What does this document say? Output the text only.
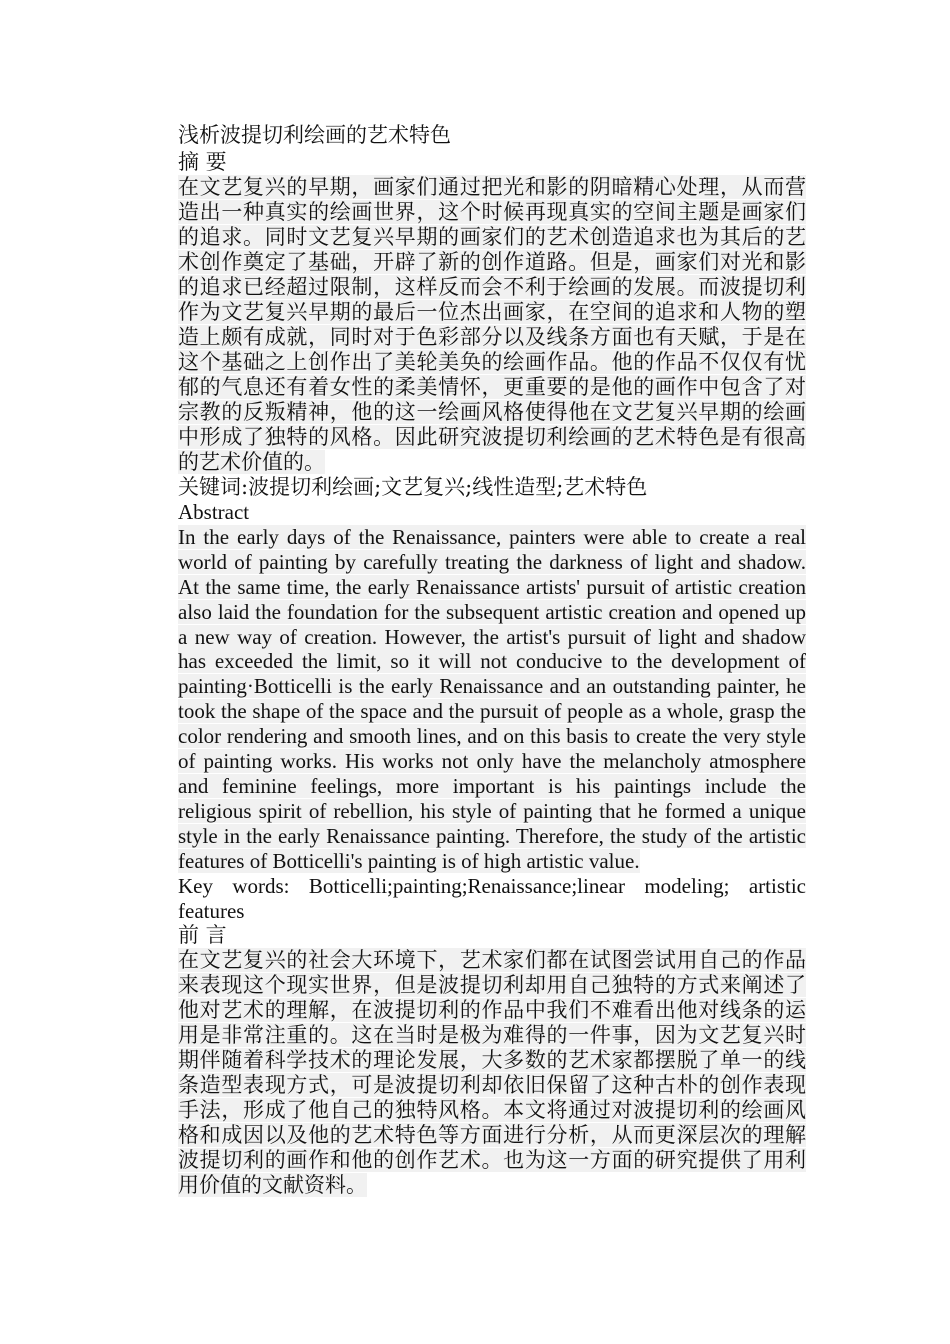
浅析波提切利绘画的艺术特色
摘 要

在文艺复兴的早期，画家们通过把光和影的阴暗精心处理，从而营造出一种真实的绘画世界，这个时候再现真实的空间主题是画家们的追求。同时文艺复兴早期的画家们的艺术创造追求也为其后的艺术创作奠定了基础，开辟了新的创作道路。但是，画家们对光和影的追求已经超过限制，这样反而会不利于绘画的发展。而波提切利作为文艺复兴早期的最后一位杰出画家，在空间的追求和人物的塑造上颇有成就，同时对于色彩部分以及线条方面也有天赋，于是在这个基础之上创作出了美轮美奂的绘画作品。他的作品不仅仅有忧郁的气息还有着女性的柔美情怀，更重要的是他的画作中包含了对宗教的反叛精神，他的这一绘画风格使得他在文艺复兴早期的绘画中形成了独特的风格。因此研究波提切利绘画的艺术特色是有很高的艺术价值的。

关键词:波提切利绘画;文艺复兴;线性造型;艺术特色
Abstract

In the early days of the Renaissance, painters were able to create a real world of painting by carefully treating the darkness of light and shadow. At the same time, the early Renaissance artists' pursuit of artistic creation also laid the foundation for the subsequent artistic creation and opened up a new way of creation. However, the artist's pursuit of light and shadow has exceeded the limit, so it will not conducive to the development of painting·Botticelli is the early Renaissance and an outstanding painter, he took the shape of the space and the pursuit of people as a whole, grasp the color rendering and smooth lines, and on this basis to create the very style of painting works. His works not only have the melancholy atmosphere and feminine feelings, more important is his paintings include the religious spirit of rebellion, his style of painting that he formed a unique style in the early Renaissance painting. Therefore, the study of the artistic features of Botticelli's painting is of high artistic value.

Key words: Botticelli;painting;Renaissance;linear modeling; artistic features

前 言

在文艺复兴的社会大环境下，艺术家们都在试图尝试用自己的作品来表现这个现实世界，但是波提切利却用自己独特的方式来阐述了他对艺术的理解，在波提切利的作品中我们不难看出他对线条的运用是非常注重的。这在当时是极为难得的一件事，因为文艺复兴时期伴随着科学技术的理论发展，大多数的艺术家都摆脱了单一的线条造型表现方式，可是波提切利却依旧保留了这种古朴的创作表现手法，形成了他自己的独特风格。本文将通过对波提切利的绘画风格和成因以及他的艺术特色等方面进行分析，从而更深层次的理解波提切利的画作和他的创作艺术。也为这一方面的研究提供了用利用价值的文献资料。
